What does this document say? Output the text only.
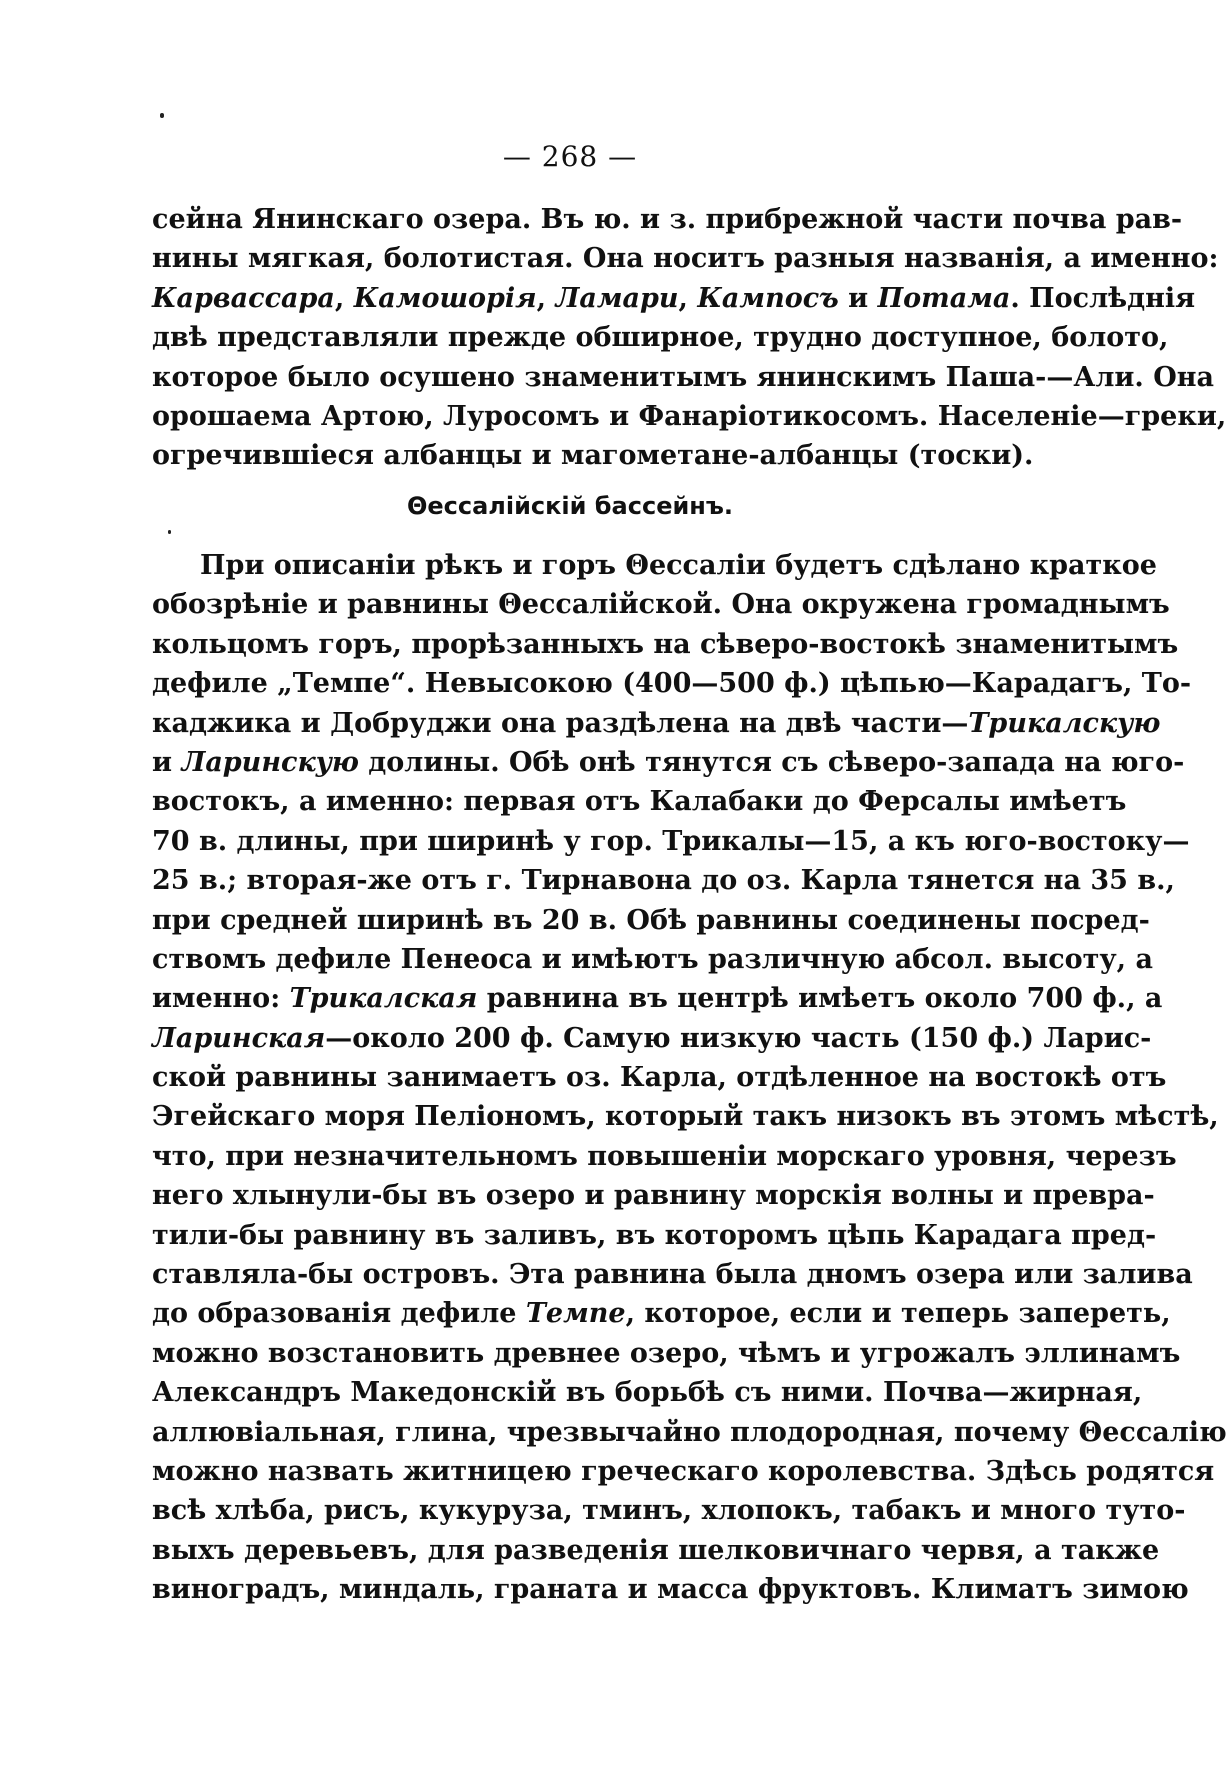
— 268 —
сейна Янинскаго озера. Въ ю. и з. прибрежной части почва рав-
нины мягкая, болотистая. Она носитъ разныя названія, а именно:
Карвассара, Камошорія, Ламари, Кампосъ и Потама. Послѣднія
двѣ представляли прежде обширное, трудно доступное, болото,
которое было осушено знаменитымъ янинскимъ Паша-—Али. Она
орошаема Артою, Луросомъ и Фанаріотикосомъ. Населеніе—греки,
огречившіеся албанцы и магометане-албанцы (тоски).
Θессалійскій бассейнъ.
При описаніи рѣкъ и горъ Θессаліи будетъ сдѣлано краткое
обозрѣніе и равнины Θессалійской. Она окружена громаднымъ
кольцомъ горъ, прорѣзанныхъ на сѣверо-востокѣ знаменитымъ
дефиле „Темпе“. Невысокою (400—500 ф.) цѣпью—Карадагъ, То-
каджика и Добруджи она раздѣлена на двѣ части—Трикалскую
и Ларинскую долины. Обѣ онѣ тянутся съ сѣверо-запада на юго-
востокъ, а именно: первая отъ Калабаки до Ферсалы имѣетъ
70 в. длины, при ширинѣ у гор. Трикалы—15, а къ юго-востоку—
25 в.; вторая-же отъ г. Тирнавона до оз. Карла тянется на 35 в.,
при средней ширинѣ въ 20 в. Обѣ равнины соединены посред-
ствомъ дефиле Пенеоса и имѣютъ различную абсол. высоту, а
именно: Трикалская равнина въ центрѣ имѣетъ около 700 ф., а
Ларинская—около 200 ф. Самую низкую часть (150 ф.) Ларис-
ской равнины занимаетъ оз. Карла, отдѣленное на востокѣ отъ
Эгейскаго моря Пеліономъ, который такъ низокъ въ этомъ мѣстѣ,
что, при незначительномъ повышеніи морскаго уровня, черезъ
него хлынули-бы въ озеро и равнину морскія волны и превра-
тили-бы равнину въ заливъ, въ которомъ цѣпь Карадага пред-
ставляла-бы островъ. Эта равнина была дномъ озера или залива
до образованія дефиле Темпе, которое, если и теперь запереть,
можно возстановить древнее озеро, чѣмъ и угрожалъ эллинамъ
Александръ Македонскій въ борьбѣ съ ними. Почва—жирная,
аллювіальная, глина, чрезвычайно плодородная, почему Θессалію
можно назвать житницею греческаго королевства. Здѣсь родятся
всѣ хлѣба, рисъ, кукуруза, тминъ, хлопокъ, табакъ и много туто-
выхъ деревьевъ, для разведенія шелковичнаго червя, а также
виноградъ, миндаль, граната и масса фруктовъ. Климатъ зимою
